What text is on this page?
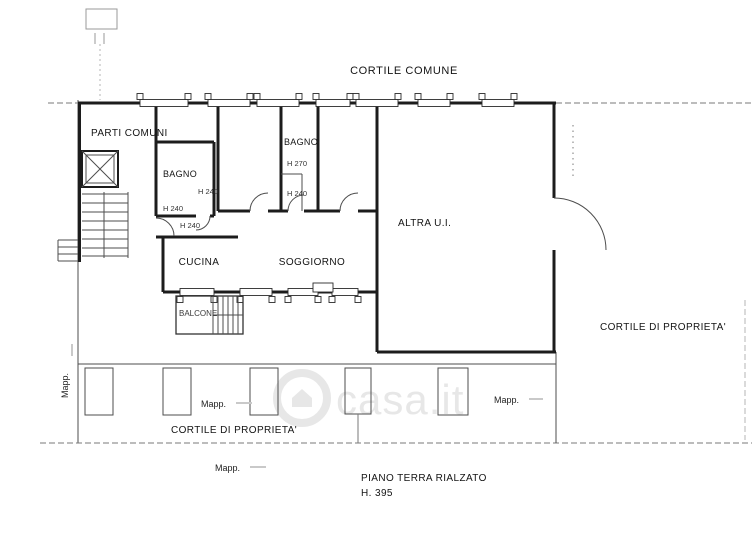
casa.it
CORTILE COMUNE
PARTI COMUNI
BAGNO
H 240
H 240
BAGNO
H 270
H 240
H 240
CUCINA	SOGGIORNO
ALTRA U.I.
BALCONE
CORTILE DI PROPRIETA'
CORTILE DI PROPRIETA'
Mapp.
Mapp.	Mapp.
Mapp.
PIANO TERRA RIALZATO
H. 395
